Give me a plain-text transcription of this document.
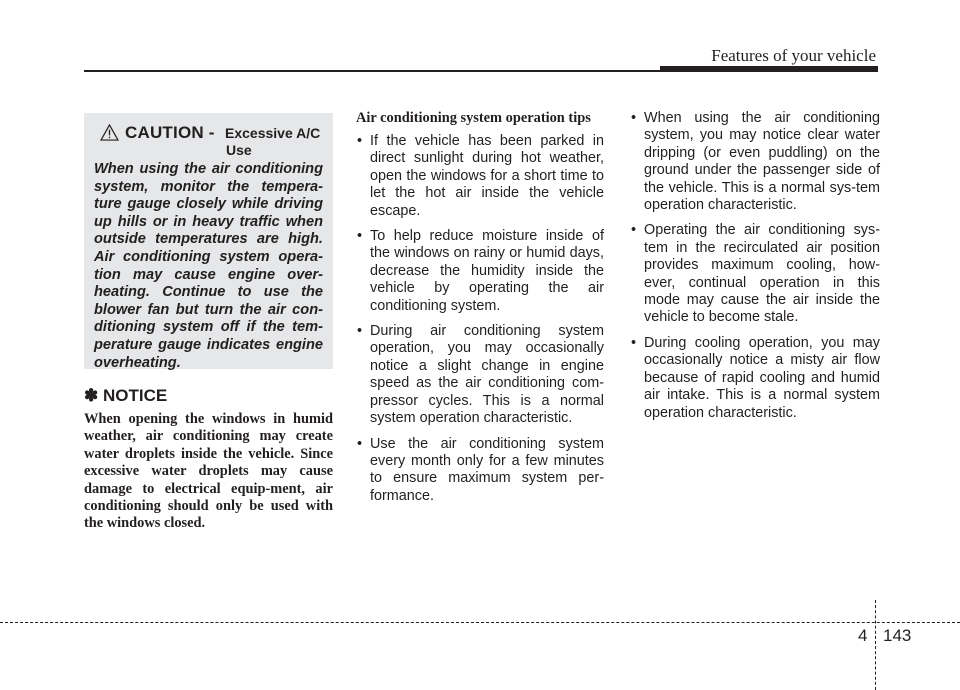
Features of your vehicle
CAUTION - Excessive A/C
Use

When using the air conditioning system, monitor the tempera-ture gauge closely while driving up hills or in heavy traffic when outside temperatures are high. Air conditioning system opera-tion may cause engine over-heating. Continue to use the blower fan but turn the air con-ditioning system off if the tem-perature gauge indicates engine overheating.

✽ NOTICE

When opening the windows in humid weather, air conditioning may create water droplets inside the vehicle. Since excessive water droplets may cause damage to electrical equip-ment, air conditioning should only be used with the windows closed.

Air conditioning system operation tips
• If the vehicle has been parked in direct sunlight during hot weather, open the windows for a short time to let the hot air inside the vehicle escape.
• To help reduce moisture inside of the windows on rainy or humid days, decrease the humidity inside the vehicle by operating the air conditioning system.
• During air conditioning system operation, you may occasionally notice a slight change in engine speed as the air conditioning com-pressor cycles. This is a normal system operation characteristic.
• Use the air conditioning system every month only for a few minutes to ensure maximum system per-formance.
• When using the air conditioning system, you may notice clear water dripping (or even puddling) on the ground under the passenger side of the vehicle. This is a normal sys-tem operation characteristic.
• Operating the air conditioning sys-tem in the recirculated air position provides maximum cooling, how-ever, continual operation in this mode may cause the air inside the vehicle to become stale.
• During cooling operation, you may occasionally notice a misty air flow because of rapid cooling and humid air intake. This is a normal system operation characteristic.
4 143
